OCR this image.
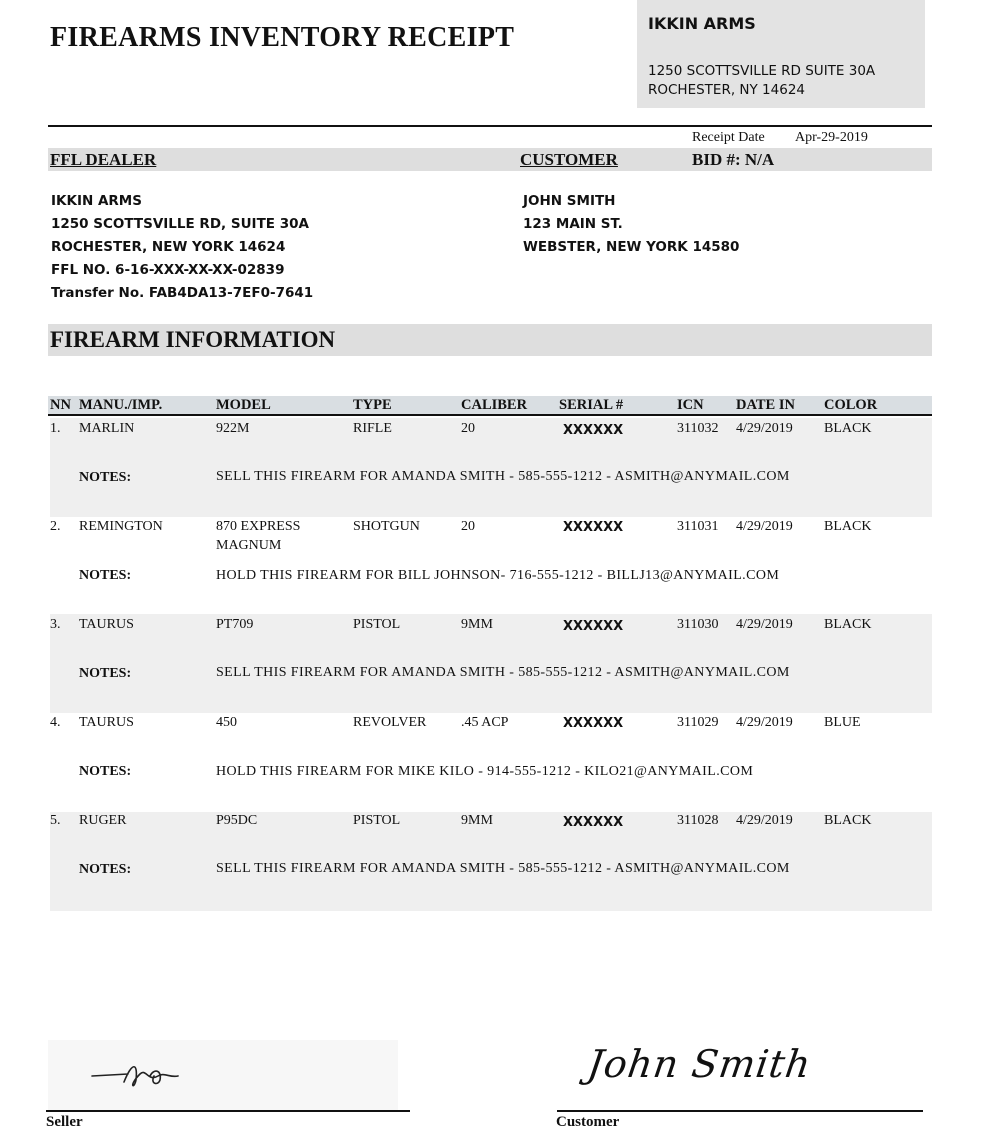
FIREARMS INVENTORY RECEIPT	IKKIN ARMS
1250 SCOTTSVILLE RD SUITE 30A
ROCHESTER, NY 14624
Receipt Date Apr-29-2019
FFL DEALER	CUSTOMER	BID #: N/A
IKKIN ARMS
1250 SCOTTSVILLE RD, SUITE 30A
ROCHESTER, NEW YORK 14624
FFL NO. 6-16-XXX-XX-XX-02839
Transfer No. FAB4DA13-7EF0-7641
JOHN SMITH
123 MAIN ST.
WEBSTER, NEW YORK 14580
FIREARM INFORMATION
NN MANU./IMP.	MODEL	TYPE	CALIBER SERIAL #	ICN DATE IN COLOR
1. MARLIN	922M	RIFLE	20	XXXXXX	311032 4/29/2019 BLACK
NOTES:	SELL THIS FIREARM FOR AMANDA SMITH - 585-555-1212 - ASMITH@ANYMAIL.COM
2. REMINGTON	870 EXPRESS
MAGNUM
SHOTGUN	20	XXXXXX	311031 4/29/2019 BLACK
NOTES:	HOLD THIS FIREARM FOR BILL JOHNSON- 716-555-1212 - BILLJ13@ANYMAIL.COM
3. TAURUS	PT709	PISTOL	9MM	XXXXXX	311030 4/29/2019 BLACK
NOTES:	SELL THIS FIREARM FOR AMANDA SMITH - 585-555-1212 - ASMITH@ANYMAIL.COM
4. TAURUS	450	REVOLVER .45 ACP	XXXXXX	311029 4/29/2019 BLUE
NOTES:	HOLD THIS FIREARM FOR MIKE KILO - 914-555-1212 - KILO21@ANYMAIL.COM
5. RUGER	P95DC	PISTOL	9MM	XXXXXX	311028 4/29/2019 BLACK
NOTES:	SELL THIS FIREARM FOR AMANDA SMITH - 585-555-1212 - ASMITH@ANYMAIL.COM
John Smith
Seller	Customer
